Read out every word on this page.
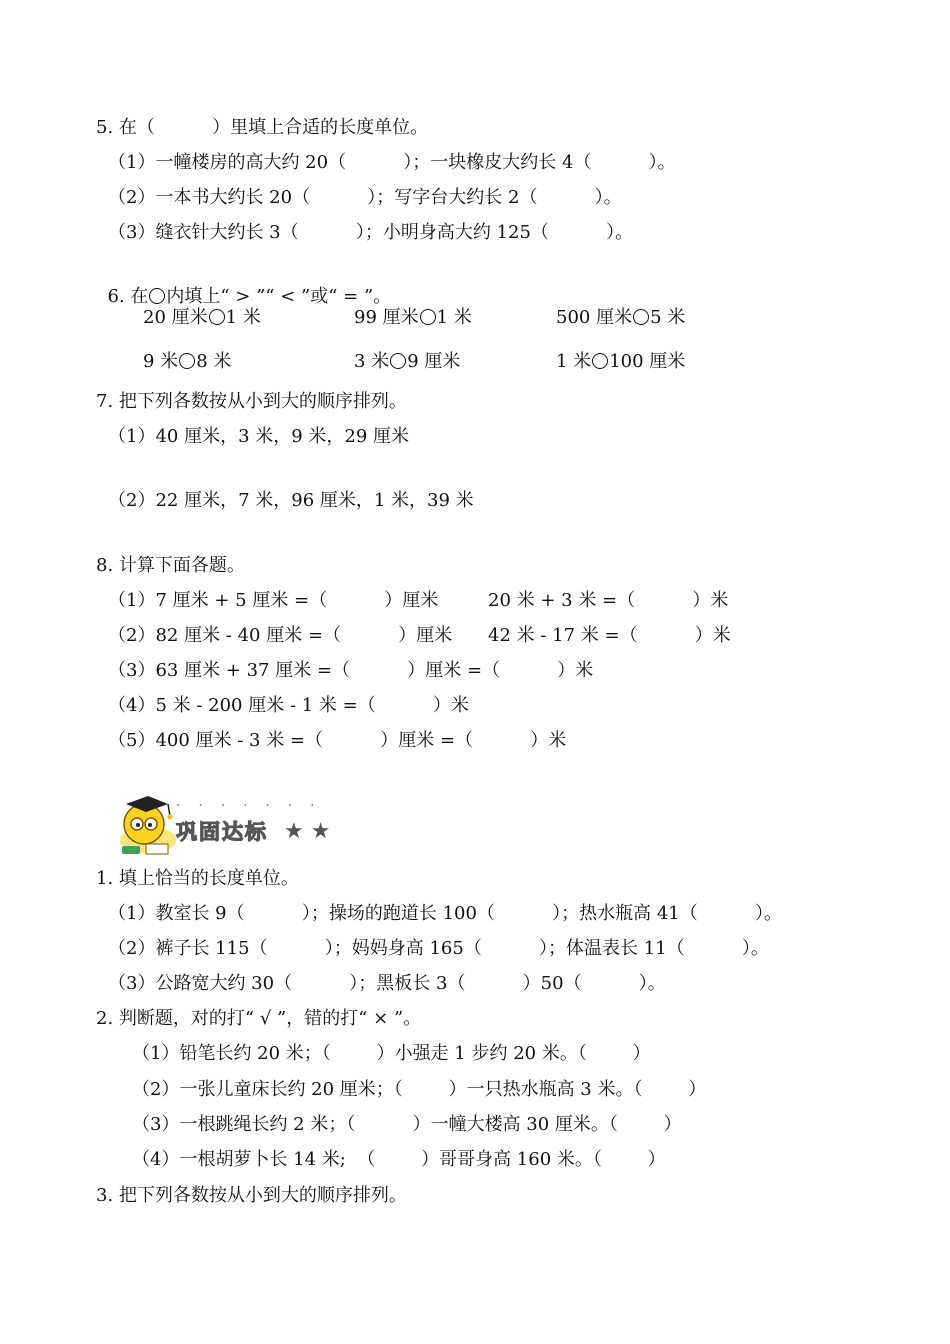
5. 在（          ）里填上合适的长度单位。
（1）一幢楼房的高大约 20（          ）；一块橡皮大约长 4（          ）。
（2）一本书大约长 20（          ）；写字台大约长 2（          ）。
（3）缝衣针大约长 3（          ）；小明身高大约 125（          ）。

6. 在 内填上“ > ”“ < ”或“ = ”。

20 厘米 1 米	99 厘米 1 米	500 厘米 5 米
9 米 8 米	3 米 9 厘米	1 米 100 厘米
7. 把下列各数按从小到大的顺序排列。
（1）40 厘米，3 米，9 米，29 厘米
（2）22 厘米，7 米，96 厘米，1 米，39 米
8. 计算下面各题。
（1）7 厘米 + 5 厘米 =（          ）厘米	20 米 + 3 米 =（          ）米
（2）82 厘米 - 40 厘米 =（          ）厘米 42 米 - 17 米 =（          ）米
（3）63 厘米 + 37 厘米 =（          ）厘米 =（          ）米
（4）5 米 - 200 厘米 - 1 米 =（          ）米
（5）400 厘米 - 3 米 =（          ）厘米 =（          ）米
·  ·  ·  ·  ·  ·  ·
巩固达标 ★ ★
1. 填上恰当的长度单位。
（1）教室长 9（          ）；操场的跑道长 100（          ）；热水瓶高 41（          ）。
（2）裤子长 115（          ）；妈妈身高 165（          ）；体温表长 11（          ）。
（3）公路宽大约 30（          ）；黑板长 3（          ）50（          ）。
2. 判断题，对的打“ √ ”，错的打“ × ”。
（1）铅笔长约 20 米；（        ）小强走 1 步约 20 米。（        ）
（2）一张儿童床长约 20 厘米；（        ）一只热水瓶高 3 米。（        ）
（3）一根跳绳长约 2 米；（          ）一幢大楼高 30 厘米。（        ）
（4）一根胡萝卜长 14 米;  （        ）哥哥身高 160 米。（        ）
3. 把下列各数按从小到大的顺序排列。
